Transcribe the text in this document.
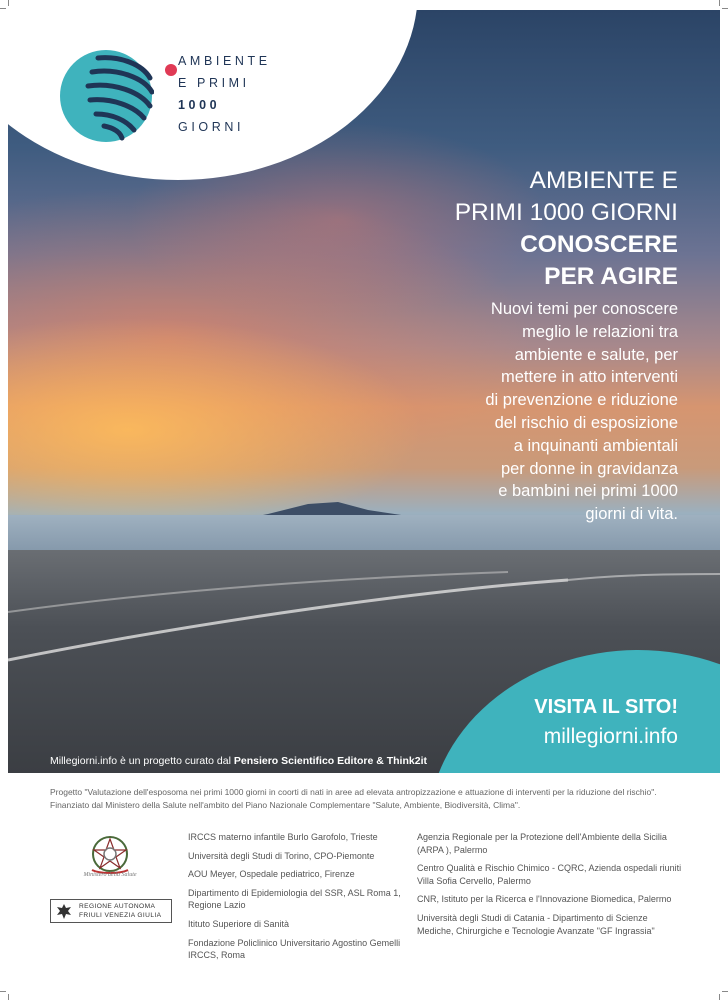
AMBIENTE
E PRIMI
1000
GIORNI
AMBIENTE E
PRIMI 1000 GIORNI
CONOSCERE
PER AGIRE
Nuovi temi per conoscere
meglio le relazioni tra
ambiente e salute, per
mettere in atto interventi
di prevenzione e riduzione
del rischio di esposizione
a inquinanti ambientali
per donne in gravidanza
e bambini nei primi 1000
giorni di vita.
VISITA IL SITO!
millegiorni.info
Millegiorni.info è un progetto curato dal Pensiero Scientifico Editore & Think2it
Progetto "Valutazione dell'esposoma nei primi 1000 giorni in coorti di nati in aree ad elevata antropizzazione e attuazione di interventi per la riduzione del rischio". Finanziato dal Ministero della Salute nell'ambito del Piano Nazionale Complementare "Salute, Ambiente, Biodiversità, Clima".
Ministero della Salute
REGIONE AUTONOMA
FRIULI VENEZIA GIULIA
IRCCS materno infantile Burlo Garofolo, Trieste
Università degli Studi di Torino, CPO-Piemonte
AOU Meyer, Ospedale pediatrico, Firenze
Dipartimento di Epidemiologia del SSR, ASL Roma 1, Regione Lazio
Itituto Superiore di Sanità
Fondazione Policlinico Universitario Agostino Gemelli IRCCS, Roma
Agenzia Regionale per la Protezione dell'Ambiente della Sicilia (ARPA ), Palermo
Centro Qualità e Rischio Chimico - CQRC, Azienda ospedali riuniti Villa Sofia Cervello, Palermo
CNR, Istituto per la Ricerca e l'Innovazione Biomedica, Palermo
Università degli Studi di Catania - Dipartimento di Scienze Mediche, Chirurgiche e Tecnologie Avanzate "GF Ingrassia"
